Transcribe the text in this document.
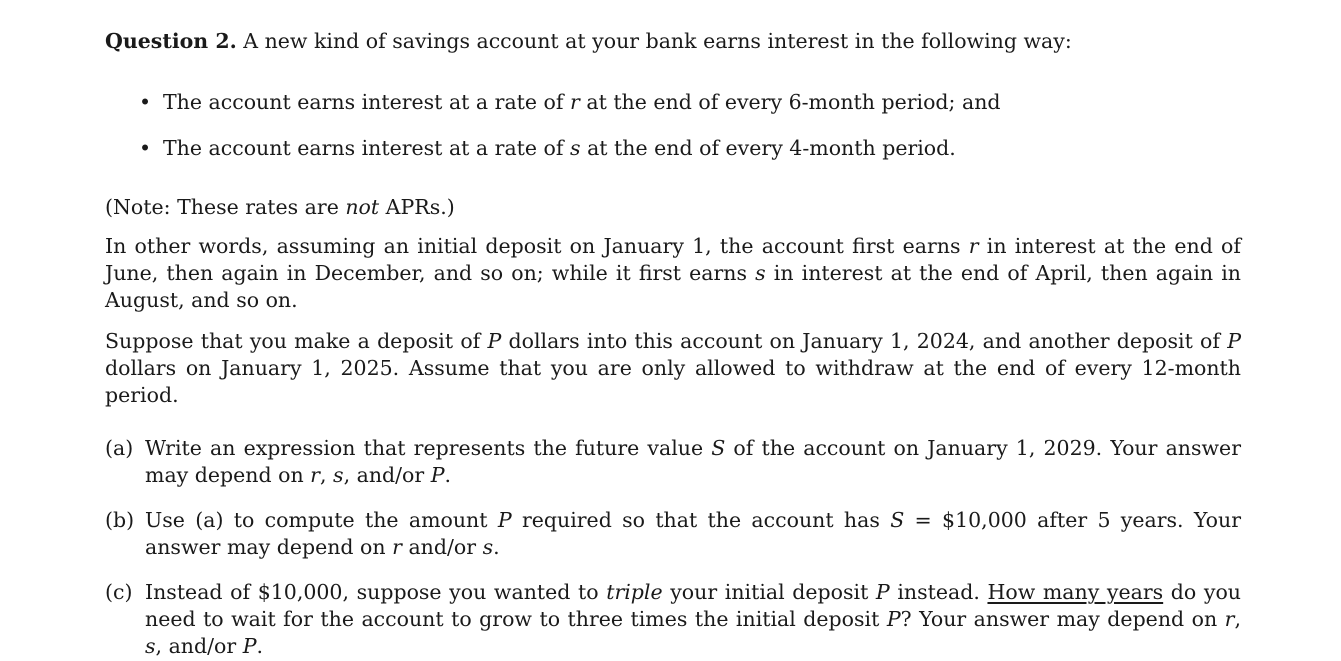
Question 2. A new kind of savings account at your bank earns interest in the following way:

• The account earns interest at a rate of r at the end of every 6-month period; and
• The account earns interest at a rate of s at the end of every 4-month period.

(Note: These rates are not APRs.)

In other words, assuming an initial deposit on January 1, the account first earns r in interest at the end of June, then again in December, and so on; while it first earns s in interest at the end of April, then again in August, and so on.

Suppose that you make a deposit of P dollars into this account on January 1, 2024, and another deposit of P dollars on January 1, 2025. Assume that you are only allowed to withdraw at the end of every 12-month period.

(a) Write an expression that represents the future value S of the account on January 1, 2029. Your answer may depend on r, s, and/or P.
(b) Use (a) to compute the amount P required so that the account has S = $10,000 after 5 years. Your answer may depend on r and/or s.
(c) Instead of $10,000, suppose you wanted to triple your initial deposit P instead. How many years do you need to wait for the account to grow to three times the initial deposit P? Your answer may depend on r, s, and/or P.
